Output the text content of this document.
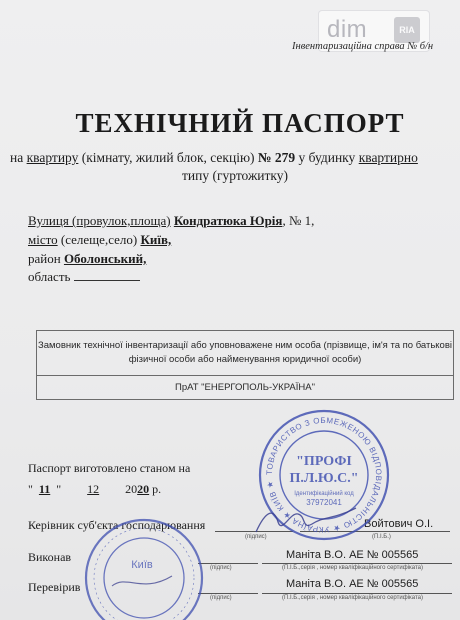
dim	RIA
Інвентаризаційна справа № б/н
ТЕХНІЧНИЙ ПАСПОРТ
на квартиру (кімнату, жилий блок, секцію) № 279 у будинку квартирно
типу (гуртожитку)
Вулиця (провулок,площа) Кондратюка Юрія, № 1,
місто (селеще,село) Київ,
район Оболонський,
область
Замовник технічної інвентаризації або уповноважене ним особа (прізвище, ім'я та по батькові фізичної особи або найменування юридичної особи)
ПрАТ "ЕНЕРГОПОЛЬ-УКРАЇНА"
Паспорт виготовлено станом на
" 11 " 12 2020 р.
Керівник суб'єкта господарювання	Войтович О.І.
(підпис)	(П.І.Б.)
Виконав	Маніта В.О. АЕ № 005565
(підпис)	(П.І.Б.,серія , номер кваліфікаційного сертифіката)
Перевірив	Маніта В.О. АЕ № 005565
(підпис)	(П.І.Б.,серія , номер кваліфікаційного сертифіката)
ТОВАРИСТВО З ОБМЕЖЕНОЮ ВІДПОВІДАЛЬНІСТЮ ★ УКРАЇНА ★ КИЇВ ★
"ПРОФІ
П.Л.Ю.С."
Ідентифікаційний код
37972041
Київ
